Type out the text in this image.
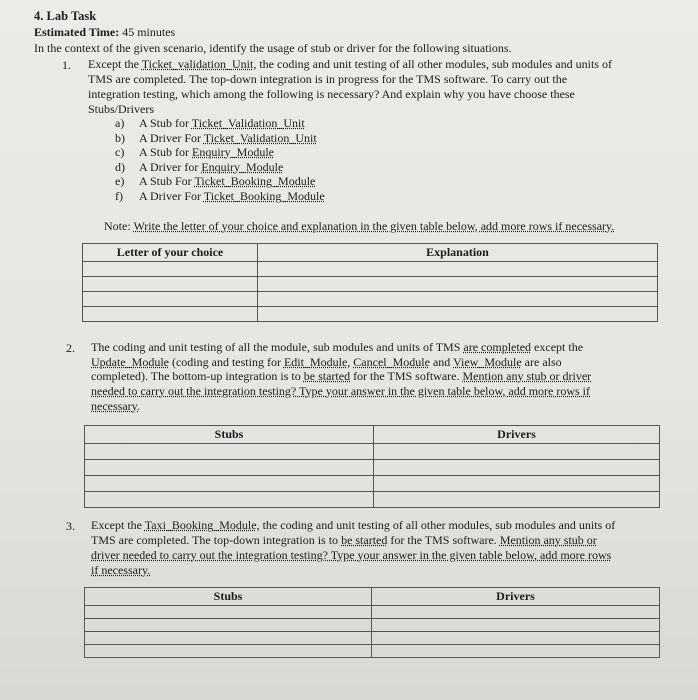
4. Lab Task
Estimated Time: 45 minutes
In the context of the given scenario, identify the usage of stub or driver for the following situations.
1. Except the Ticket_validation_Unit, the coding and unit testing of all other modules, sub modules and units of
TMS are completed. The top-down integration is in progress for the TMS software. To carry out the
integration testing, which among the following is necessary? And explain why you have choose these
Stubs/Drivers
a) A Stub for Ticket_Validation_Unit
b) A Driver For Ticket_Validation_Unit
c) A Stub for Enquiry_Module
d) A Driver for Enquiry_Module
e) A Stub For Ticket_Booking_Module
f) A Driver For Ticket_Booking_Module
Note: Write the letter of your choice and explanation in the given table below, add more rows if necessary.
Letter of your choice	Explanation

2. The coding and unit testing of all the module, sub modules and units of TMS are completed except the
Update_Module (coding and testing for Edit_Module, Cancel_Module and View_Module are also
completed). The bottom-up integration is to be started for the TMS software. Mention any stub or driver
needed to carry out the integration testing? Type your answer in the given table below, add more rows if
necessary.
Stubs	Drivers

3. Except the Taxi_Booking_Module, the coding and unit testing of all other modules, sub modules and units of
TMS are completed. The top-down integration is to be started for the TMS software. Mention any stub or
driver needed to carry out the integration testing? Type your answer in the given table below, add more rows
if necessary.
Stubs	Drivers
